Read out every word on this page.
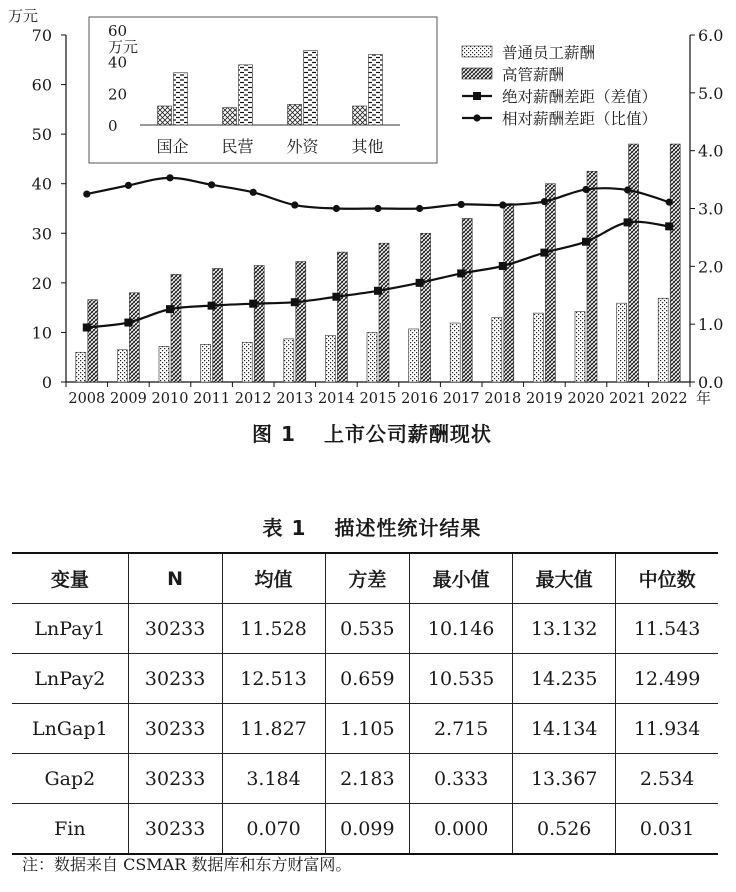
0
10
20
30
40
50
60
70
万元
0.0
1.0
2.0
3.0
4.0
5.0
6.0
2008 2009 2010 2011 2012 2013 2014 2015 2016 2017 2018 2019 2020 2021 2022 年
普通员工薪酬
高管薪酬
绝对薪酬差距（差值）
相对薪酬差距（比值）
0
20
40
60
万元
国企 民营 外资 其他
图 1 上市公司薪酬现状
表 1 描述性统计结果
变量	N	均值	方差	最小值	最大值	中位数
LnPay1	30233	11.528	0.535	10.146	13.132	11.543
LnPay2	30233	12.513	0.659	10.535	14.235	12.499
LnGap1	30233	11.827	1.105	2.715	14.134	11.934
Gap2	30233	3.184	2.183	0.333	13.367	2.534
Fin	30233	0.070	0.099	0.000	0.526	0.031
注：数据来自 CSMAR 数据库和东方财富网。
